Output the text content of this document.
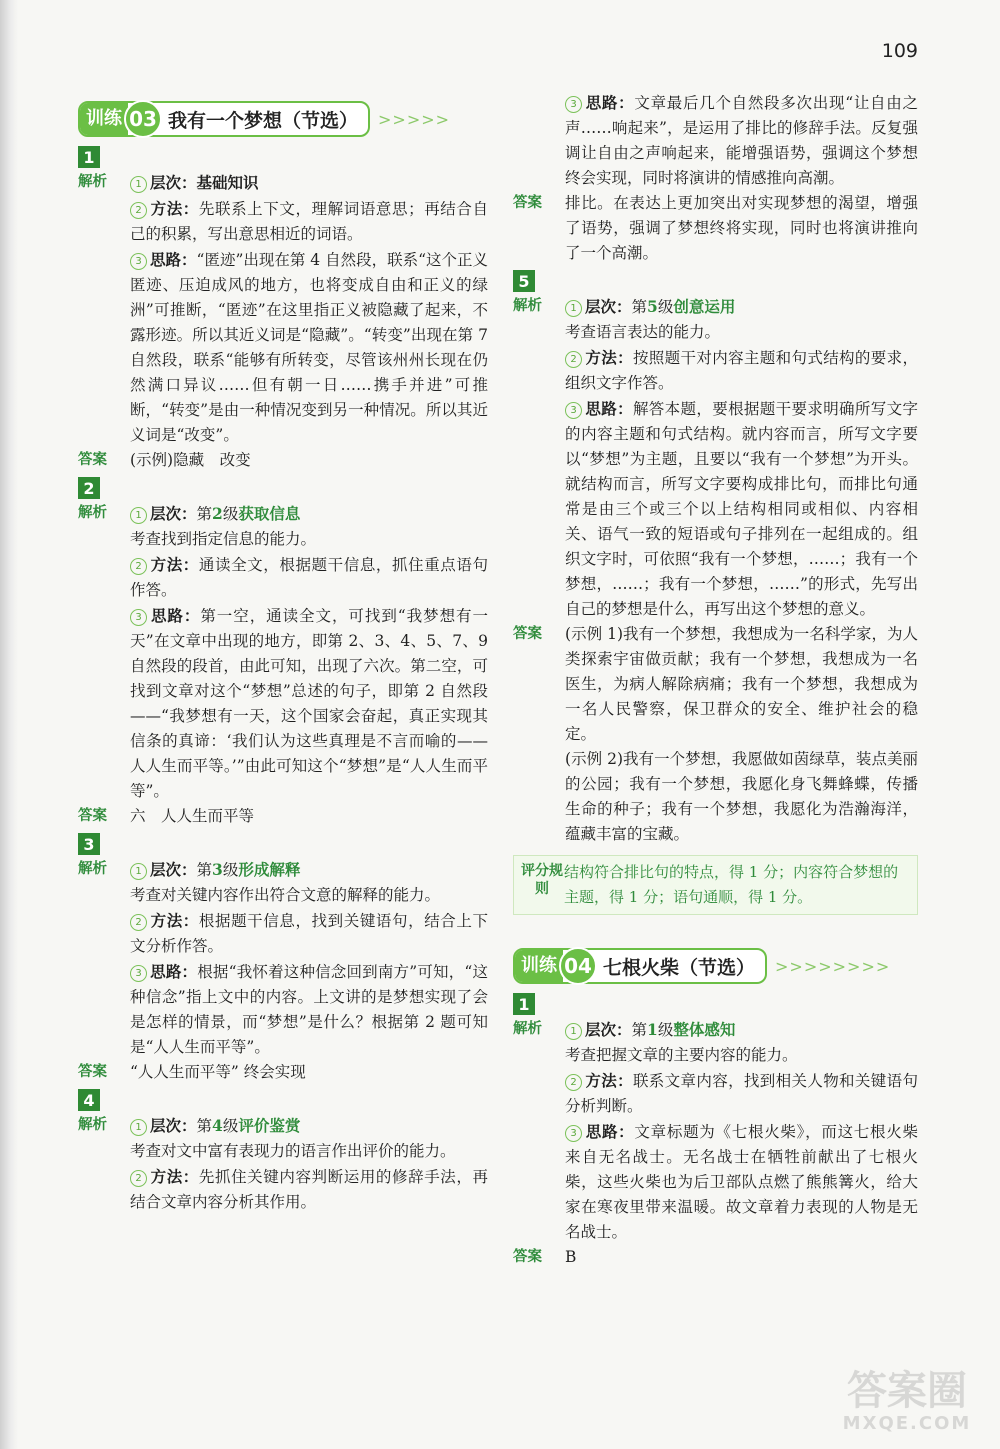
109
训练 03 我有一个梦想（节选） >>>>>
1
解析	1 层次：基础知识

2 方法：先联系上下文，理解词语意思；再结合自己的积累，写出意思相近的词语。

3 思路：“匿迹”出现在第 4 自然段，联系“这个正义匿迹、压迫成风的地方，也将变成自由和正义的绿洲”可推断，“匿迹”在这里指正义被隐藏了起来，不露形迹。所以其近义词是“隐藏”。“转变”出现在第 7 自然段，联系“能够有所转变，尽管该州州长现在仍然满口异议……但有朝一日……携手并进”可推断，“转变”是由一种情况变到另一种情况。所以其近义词是“改变”。

答案	(示例)隐藏　改变

2
解析	1 层次：第2级获取信息

考查找到指定信息的能力。

2 方法：通读全文，根据题干信息，抓住重点语句作答。

3 思路：第一空，通读全文，可找到“我梦想有一天”在文章中出现的地方，即第 2、3、4、5、7、9 自然段的段首，由此可知，出现了六次。第二空，可找到文章对这个“梦想”总述的句子，即第 2 自然段——“我梦想有一天，这个国家会奋起，真正实现其信条的真谛：‘我们认为这些真理是不言而喻的——人人生而平等。’”由此可知这个“梦想”是“人人生而平等”。

答案	六　人人生而平等

3
解析	1 层次：第3级形成解释

考查对关键内容作出符合文意的解释的能力。

2 方法：根据题干信息，找到关键语句，结合上下文分析作答。

3 思路：根据“我怀着这种信念回到南方”可知，“这种信念”指上文中的内容。上文讲的是梦想实现了会是怎样的情景，而“梦想”是什么？根据第 2 题可知是“人人生而平等”。

答案	“人人生而平等” 终会实现

4
解析	1 层次：第4级评价鉴赏

考查对文中富有表现力的语言作出评价的能力。

2 方法：先抓住关键内容判断运用的修辞手法，再结合文章内容分析其作用。

3 思路：文章最后几个自然段多次出现“让自由之声……响起来”，是运用了排比的修辞手法。反复强调让自由之声响起来，能增强语势，强调这个梦想终会实现，同时将演讲的情感推向高潮。

答案	排比。在表达上更加突出对实现梦想的渴望，增强了语势，强调了梦想终将实现，同时也将演讲推向了一个高潮。

5
解析	1 层次：第5级创意运用

考查语言表达的能力。

2 方法：按照题干对内容主题和句式结构的要求，组织文字作答。

3 思路：解答本题，要根据题干要求明确所写文字的内容主题和句式结构。就内容而言，所写文字要以“梦想”为主题，且要以“我有一个梦想”为开头。就结构而言，所写文字要构成排比句，而排比句通常是由三个或三个以上结构相同或相似、内容相关、语气一致的短语或句子排列在一起组成的。组织文字时，可依照“我有一个梦想，……；我有一个梦想，……；我有一个梦想，……”的形式，先写出自己的梦想是什么，再写出这个梦想的意义。

答案	(示例 1)我有一个梦想，我想成为一名科学家，为人类探索宇宙做贡献；我有一个梦想，我想成为一名医生，为病人解除病痛；我有一个梦想，我想成为一名人民警察，保卫群众的安全、维护社会的稳定。

(示例 2)我有一个梦想，我愿做如茵绿草，装点美丽的公园；我有一个梦想，我愿化身飞舞蜂蝶，传播生命的种子；我有一个梦想，我愿化为浩瀚海洋，蕴藏丰富的宝藏。

评分规则
结构符合排比句的特点，得 1 分；内容符合梦想的主题，得 1 分；语句通顺，得 1 分。
训练 04 七根火柴（节选） >>>>>>>>
1
解析	1 层次：第1级整体感知

考查把握文章的主要内容的能力。

2 方法：联系文章内容，找到相关人物和关键语句分析判断。

3 思路：文章标题为《七根火柴》，而这七根火柴来自无名战士。无名战士在牺牲前献出了七根火柴，这些火柴也为后卫部队点燃了熊熊篝火，给大家在寒夜里带来温暖。故文章着力表现的人物是无名战士。

答案	B

答案圈
MXQE.COM
